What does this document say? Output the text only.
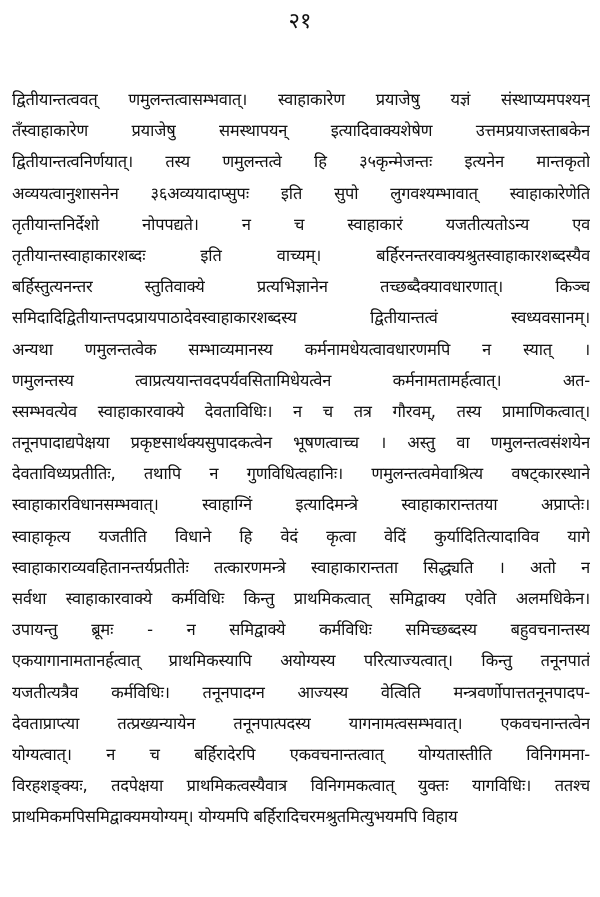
२१
द्वितीयान्तत्ववत् णमुलन्तत्वासम्भवात्। स्वाहाकारेण प्रयाजेषु यज्ञं संस्थाप्यमपश्यन्
तँस्वाहाकारेण प्रयाजेषु समस्थापयन् इत्यादिवाक्यशेषेण उत्तमप्रयाजस्ताबकेन
द्वितीयान्तत्वनिर्णयात्। तस्य णमुलन्तत्वे हि ३५कृन्मेजन्तः इत्यनेन मान्तकृतो
अव्ययत्वानुशासनेन ३६अव्ययादाप्सुपः इति सुपो लुगवश्यम्भावात् स्वाहाकारेणेति
तृतीयान्तनिर्देशो नोपपद्यते। न च स्वाहाकारं यजतीत्यतोऽन्य एव
तृतीयान्तस्वाहाकारशब्दः इति वाच्यम्। बर्हिरनन्तरवाक्यश्रुतस्वाहाकारशब्दस्यैव
बर्हिस्तुत्यनन्तर स्तुतिवाक्ये प्रत्यभिज्ञानेन तच्छब्दैक्यावधारणात्। किञ्च
समिदादिद्वितीयान्तपदप्रायपाठादेवस्वाहाकारशब्दस्य द्वितीयान्तत्वं स्वध्यवसानम्।
अन्यथा णमुलन्तत्वेक सम्भाव्यमानस्य कर्मनामधेयत्वावधारणमपि न स्यात् ।
णमुलन्तस्य त्वाप्रत्ययान्तवदपर्यवसितामिधेयत्वेन कर्मनामतामर्हत्वात्। अत-
स्सम्भवत्येव स्वाहाकारवाक्ये देवताविधिः। न च तत्र गौरवम्, तस्य प्रामाणिकत्वात्।
तनूनपादाद्यपेक्षया प्रकृष्टसार्थक्यसुपादकत्वेन भूषणत्वाच्च । अस्तु वा णमुलन्तत्वसंशयेन
देवताविध्यप्रतीतिः, तथापि न गुणविधित्वहानिः। णमुलन्तत्वमेवाश्रित्य वषट्कारस्थाने
स्वाहाकारविधानसम्भवात्। स्वाहाग्निं इत्यादिमन्त्रे स्वाहाकारान्ततया अप्राप्तेः।
स्वाहाकृत्य यजतीति विधाने हि वेदं कृत्वा वेदिं कुर्यादितित्यादाविव यागे
स्वाहाकाराव्यवहितानन्तर्यप्रतीतेः तत्कारणमन्त्रे स्वाहाकारान्तता सिद्ध्यति । अतो न
सर्वथा स्वाहाकारवाक्ये कर्मविधिः किन्तु प्राथमिकत्वात् समिद्वाक्य एवेति अलमधिकेन।
उपायन्तु ब्रूमः - न समिद्वाक्ये कर्मविधिः समिच्छब्दस्य बहुवचनान्तस्य
एकयागानामतानर्हत्वात् प्राथमिकस्यापि अयोग्यस्य परित्याज्यत्वात्। किन्तु तनूनपातं
यजतीत्यत्रैव कर्मविधिः। तनूनपादग्न आज्यस्य वेत्विति मन्त्रवर्णोपात्ततनूनपादप-
देवताप्राप्त्या तत्प्रख्यन्यायेन तनूनपात्पदस्य यागनामत्वसम्भवात्। एकवचनान्तत्वेन
योग्यत्वात्। न च बर्हिरादेरपि एकवचनान्तत्वात् योग्यतास्तीति विनिगमना-
विरहशङ्क्यः, तदपेक्षया प्राथमिकत्वस्यैवात्र विनिगमकत्वात् युक्तः यागविधिः। ततश्च
प्राथमिकमपिसमिद्वाक्यमयोग्यम्। योग्यमपि बर्हिरादिचरमश्रुतमित्युभयमपि विहाय
